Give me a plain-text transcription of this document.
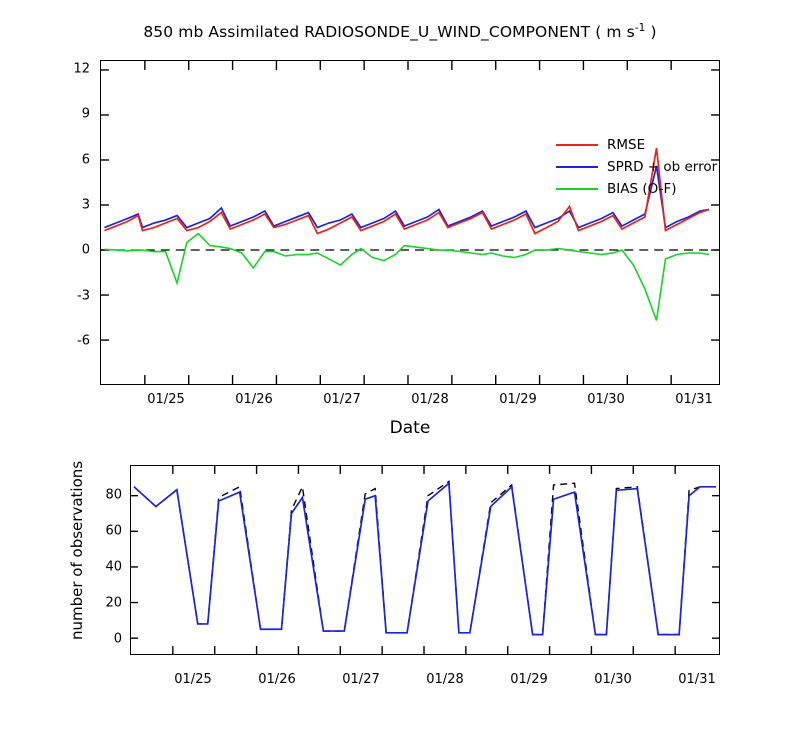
850 mb Assimilated RADIOSONDE_U_WIND_COMPONENT ( m $s^{-1}$ )
RMSE
SPRD + ob error
BIAS (O-F)
12
9
6
3
0
-3
-6
01/25	01/26	01/27	01/28	01/29	01/30	01/31
Date
80
60
40
20
0
01/25	01/26	01/27	01/28	01/29	01/30	01/31
number of observations
